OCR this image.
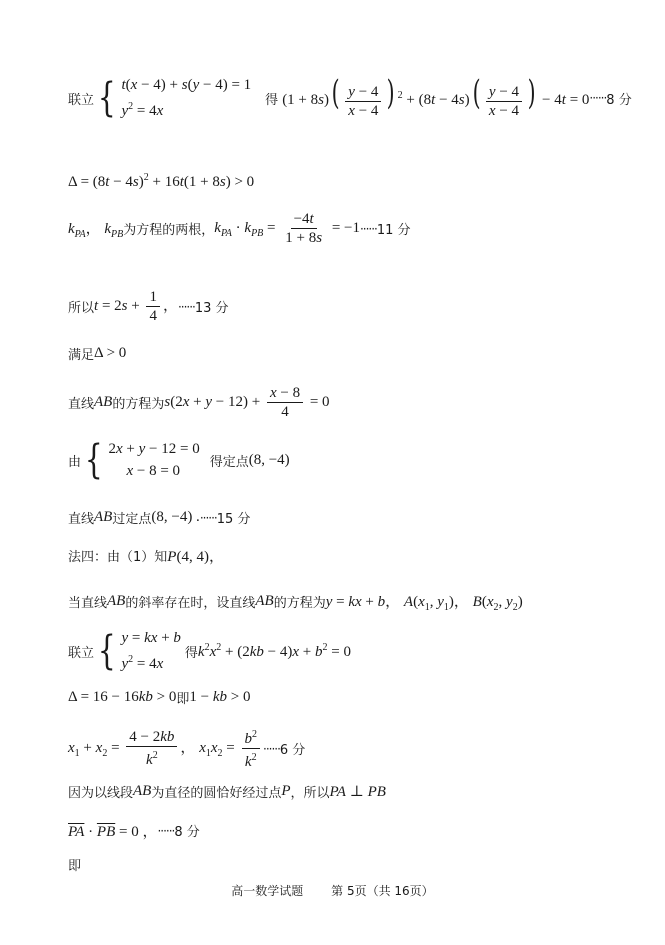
联立 { t(x − 4) + s(y − 4) = 1
$y^2 = 4x$
得 $(1 + 8s)( \frac{y - 4}{x - 4}$ ) $^2 + (8t - 4s)( \frac{y - 4}{x - 4}$ ) − 4t = 0 ······ 8 分
$\Delta = (8t - 4s)^2 + 16t(1 + 8s) > 0$
$k_{PA}$， $k_{PB}$ 为方程的两根， $k_{PA} \cdot k_{PB} = \frac{-4t}{1 + 8s} = -1$ ······ 11 分
所以 $t = 2s + \frac{1}{4}$ ， ······ 13 分
满足 Δ > 0
直线 AB 的方程为 $s(2x + y - 12) + \frac{x - 8}{4} = 0$
由 { 2x + y − 12 = 0
x − 8 = 0
得定点 (8, −4)
直线 AB 过定点 (8, −4) . ······ 15 分
法四：由（1）知 P(4, 4)，
当直线 AB 的斜率存在时，设直线 AB 的方程为 y = kx + b， $A(x_1$, $y_1$)， $B(x_2$, $y_2$)
联立 { y = kx + b
$y^2 = 4x$
得 $k^2x^2 + (2kb - 4)x + b^2 = 0$
Δ = 16 − 16kb > 0 即 1 − kb > 0
$x_1 + x_2 = \frac{4 - 2kb}{k^2}$ ， $x_1x_2 = \frac{b^2}{k^2}$ ······ 6 分
因为以线段 AB 为直径的圆恰好经过点 P ，所以 PA ⊥ PB
$\overline{PA} \cdot \overline{PB} = 0$ ， ······ 8 分
即
高一数学试题 第 5页（共 16页）
